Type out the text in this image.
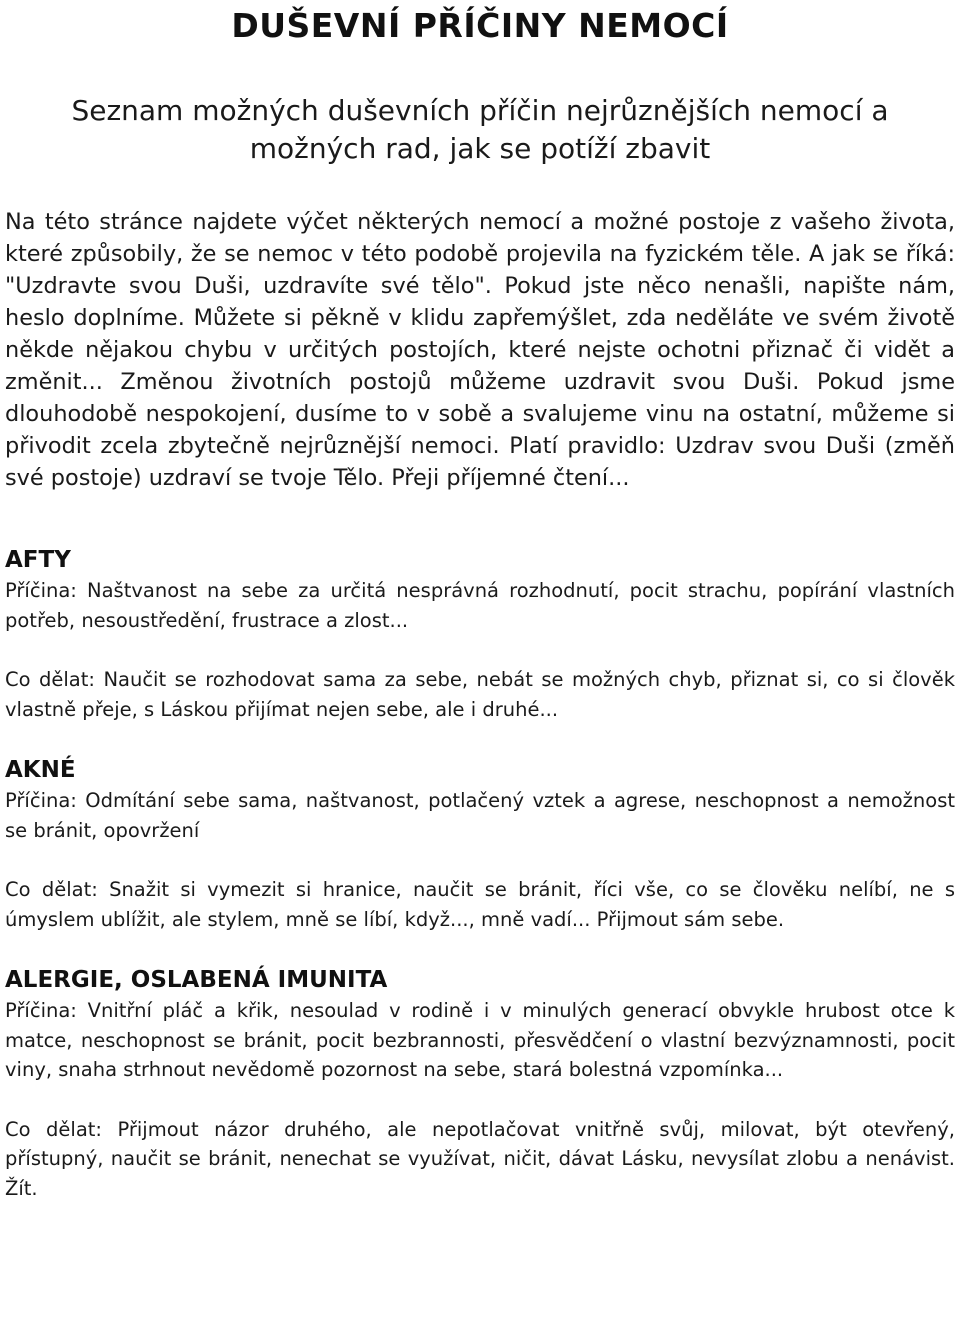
DUŠEVNÍ PŘÍČINY NEMOCÍ
Seznam možných duševních příčin nejrůznějších nemocí a možných rad, jak se potíží zbavit

Na této stránce najdete výčet některých nemocí a možné postoje z vašeho života, které způsobily, že se nemoc v této podobě projevila na fyzickém těle. A jak se říká: "Uzdravte svou Duši, uzdravíte své tělo". Pokud jste něco nenašli, napište nám, heslo doplníme. Můžete si pěkně v klidu zapřemýšlet, zda neděláte ve svém životě někde nějakou chybu v určitých postojích, které nejste ochotni přiznač či vidět a změnit... Změnou životních postojů můžeme uzdravit svou Duši. Pokud jsme dlouhodobě nespokojení, dusíme to v sobě a svalujeme vinu na ostatní, můžeme si přivodit zcela zbytečně nejrůznější nemoci. Platí pravidlo: Uzdrav svou Duši (změň své postoje) uzdraví se tvoje Tělo. Přeji příjemné čtení...

AFTY

Příčina: Naštvanost na sebe za určitá nesprávná rozhodnutí, pocit strachu, popírání vlastních potřeb, nesoustředění, frustrace a zlost...

Co dělat: Naučit se rozhodovat sama za sebe, nebát se možných chyb, přiznat si, co si člověk vlastně přeje, s Láskou přijímat nejen sebe, ale i druhé...

AKNÉ

Příčina: Odmítání sebe sama, naštvanost, potlačený vztek a agrese, neschopnost a nemožnost se bránit, opovržení

Co dělat: Snažit si vymezit si hranice, naučit se bránit, říci vše, co se člověku nelíbí, ne s úmyslem ublížit, ale stylem, mně se líbí, když..., mně vadí... Přijmout sám sebe.

ALERGIE, OSLABENÁ IMUNITA

Příčina: Vnitřní pláč a křik, nesoulad v rodině i v minulých generací obvykle hrubost otce k matce, neschopnost se bránit, pocit bezbrannosti, přesvědčení o vlastní bezvýznamnosti, pocit viny, snaha strhnout nevědomě pozornost na sebe, stará bolestná vzpomínka...

Co dělat: Přijmout názor druhého, ale nepotlačovat vnitřně svůj, milovat, být otevřený, přístupný, naučit se bránit, nenechat se využívat, ničit, dávat Lásku, nevysílat zlobu a nenávist. Žít.
